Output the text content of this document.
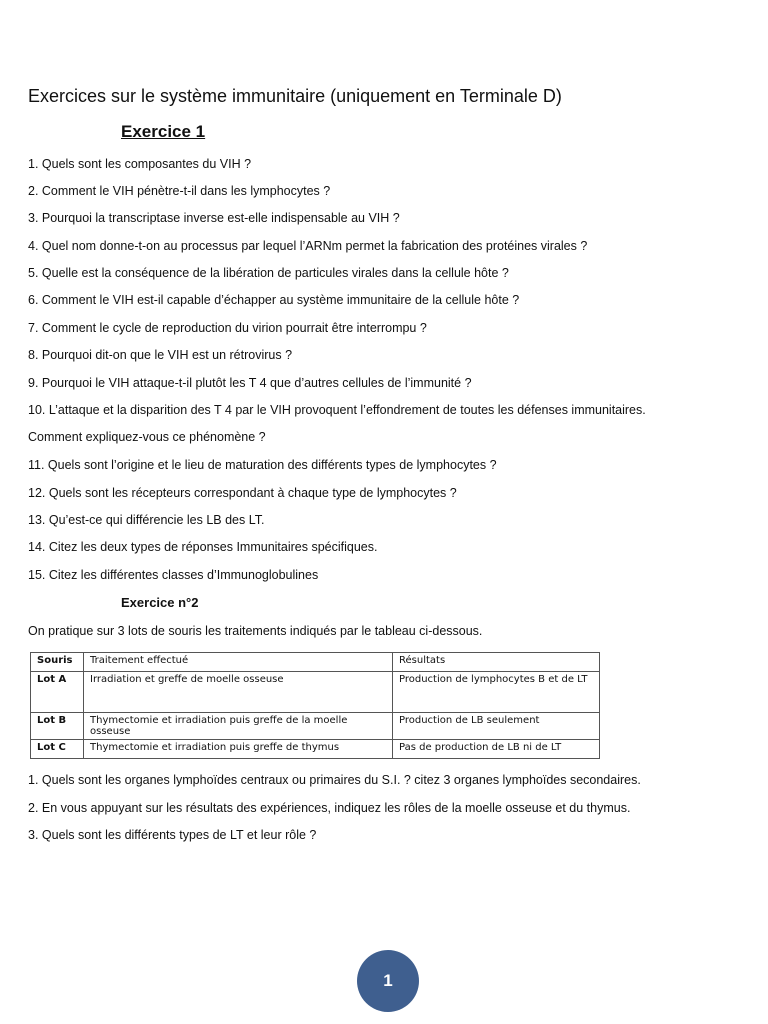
Exercices sur le système immunitaire (uniquement en Terminale D)
Exercice 1
1. Quels sont les composantes du VIH ?
2. Comment le VIH pénètre-t-il dans les lymphocytes ?
3. Pourquoi la transcriptase inverse est-elle indispensable au VIH ?
4. Quel nom donne-t-on au processus par lequel l’ARNm permet la fabrication des protéines virales ?
5. Quelle est la conséquence de la libération de particules virales dans la cellule hôte ?
6. Comment le VIH est-il capable d’échapper au système immunitaire de la cellule hôte ?
7. Comment le cycle de reproduction du virion pourrait être interrompu ?
8. Pourquoi dit-on que le VIH est un rétrovirus ?
9. Pourquoi le VIH attaque-t-il plutôt les T 4 que d’autres cellules de l’immunité ?
10. L’attaque et la disparition des T 4 par le VIH provoquent l’effondrement de toutes les défenses immunitaires.
Comment expliquez-vous ce phénomène ?
11. Quels sont l’origine et le lieu de maturation des différents types de lymphocytes ?
12. Quels sont les récepteurs correspondant à chaque type de lymphocytes ?
13. Qu’est-ce qui différencie les LB des LT.
14. Citez les deux types de réponses Immunitaires spécifiques.
15. Citez les différentes classes d’Immunoglobulines
Exercice n°2
On pratique sur 3 lots de souris les traitements indiqués par le tableau ci-dessous.
Souris	Traitement effectué	Résultats
Lot A	Irradiation et greffe de moelle osseuse	Production de lymphocytes B et de LT
Lot B	Thymectomie et irradiation puis greffe de la moelle osseuse	Production de LB seulement
Lot C	Thymectomie et irradiation puis greffe de thymus	Pas de production de LB ni de LT
1. Quels sont les organes lymphoïdes centraux ou primaires du S.I. ? citez 3 organes lymphoïdes secondaires.
2. En vous appuyant sur les résultats des expériences, indiquez les rôles de la moelle osseuse et du thymus.
3. Quels sont les différents types de LT et leur rôle ?
1
